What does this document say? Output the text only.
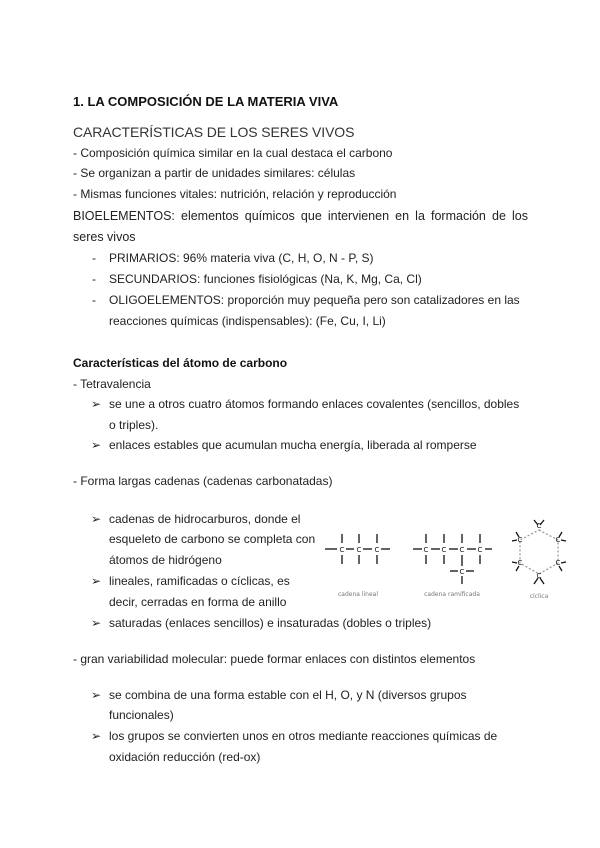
1. LA COMPOSICIÓN DE LA MATERIA VIVA
CARACTERÍSTICAS DE LOS SERES VIVOS
- Composición química similar en la cual destaca el carbono
- Se organizan a partir de unidades similares: células
- Mismas funciones vitales: nutrición, relación y reproducción
BIOELEMENTOS: elementos químicos que intervienen en la formación de los
seres vivos
- PRIMARIOS: 96% materia viva (C, H, O, N - P, S)
- SECUNDARIOS: funciones fisiológicas (Na, K, Mg, Ca, Cl)
- OLIGOELEMENTOS: proporción muy pequeña pero son catalizadores en las
reacciones químicas (indispensables): (Fe, Cu, I, Li)
Características del átomo de carbono
- Tetravalencia
➢ se une a otros cuatro átomos formando enlaces covalentes (sencillos, dobles
o triples).
➢ enlaces estables que acumulan mucha energía, liberada al romperse
- Forma largas cadenas (cadenas carbonatadas)
➢ cadenas de hidrocarburos, donde el
esqueleto de carbono se completa con
átomos de hidrógeno
➢ lineales, ramificadas o cíclicas, es
decir, cerradas en forma de anillo
➢ saturadas (enlaces sencillos) e insaturadas (dobles o triples)
C C C	C C C C
C
C
C
C
C
C
C
cadena lineal	cadena ramificada	cíclica
- gran variabilidad molecular: puede formar enlaces con distintos elementos
➢ se combina de una forma estable con el H, O, y N (diversos grupos
funcionales)
➢ los grupos se convierten unos en otros mediante reacciones químicas de
oxidación reducción (red-ox)
